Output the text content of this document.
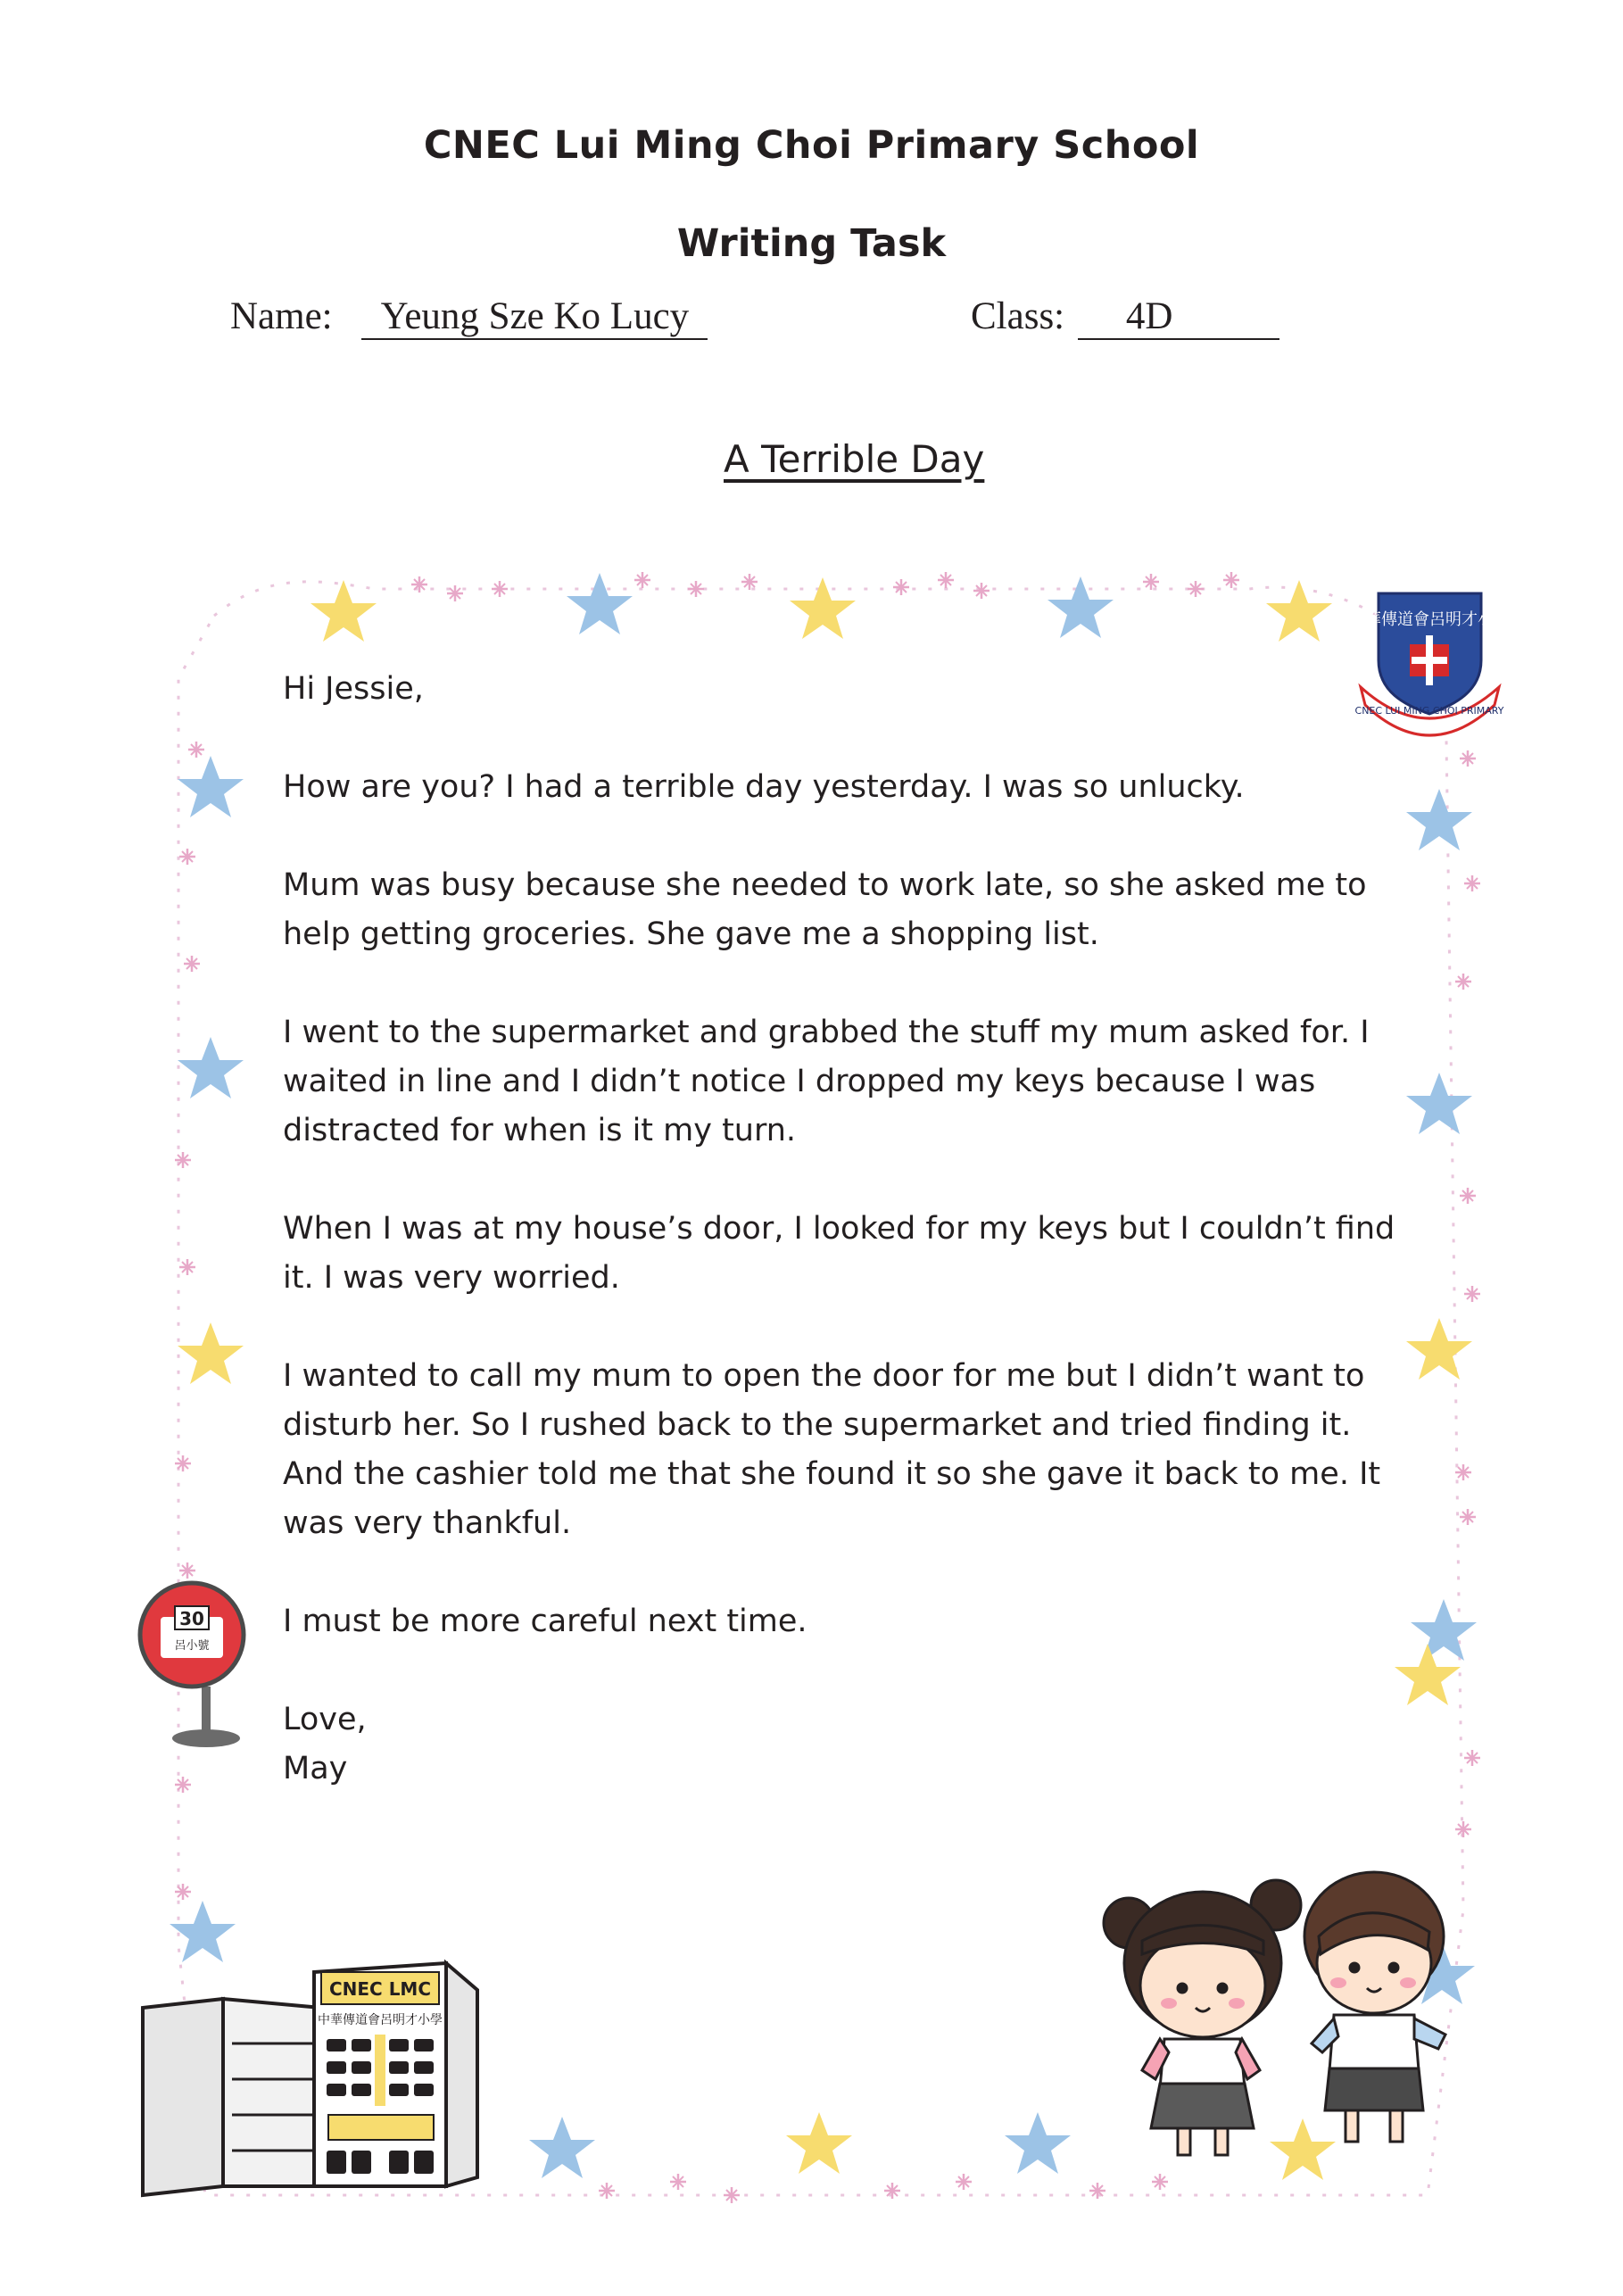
CNEC Lui Ming Choi Primary School
Writing Task
Name: Yeung Sze Ko Lucy	Class: 4D
A Terrible Day
中華傳道會呂明才小學
CNEC LUI MING CHOI PRIMARY
30
呂小號
CNEC LMC
中華傳道會呂明才小學

Hi Jessie,

How are you? I had a terrible day yesterday. I was so unlucky.

Mum was busy because she needed to work late, so she asked me to help getting groceries. She gave me a shopping list.

I went to the supermarket and grabbed the stuff my mum asked for. I waited in line and I didn’t notice I dropped my keys because I was distracted for when is it my turn.

When I was at my house’s door, I looked for my keys but I couldn’t find it. I was very worried.

I wanted to call my mum to open the door for me but I didn’t want to disturb her. So I rushed back to the supermarket and tried finding it. And the cashier told me that she found it so she gave it back to me. It was very thankful.

I must be more careful next time.

Love,

May
